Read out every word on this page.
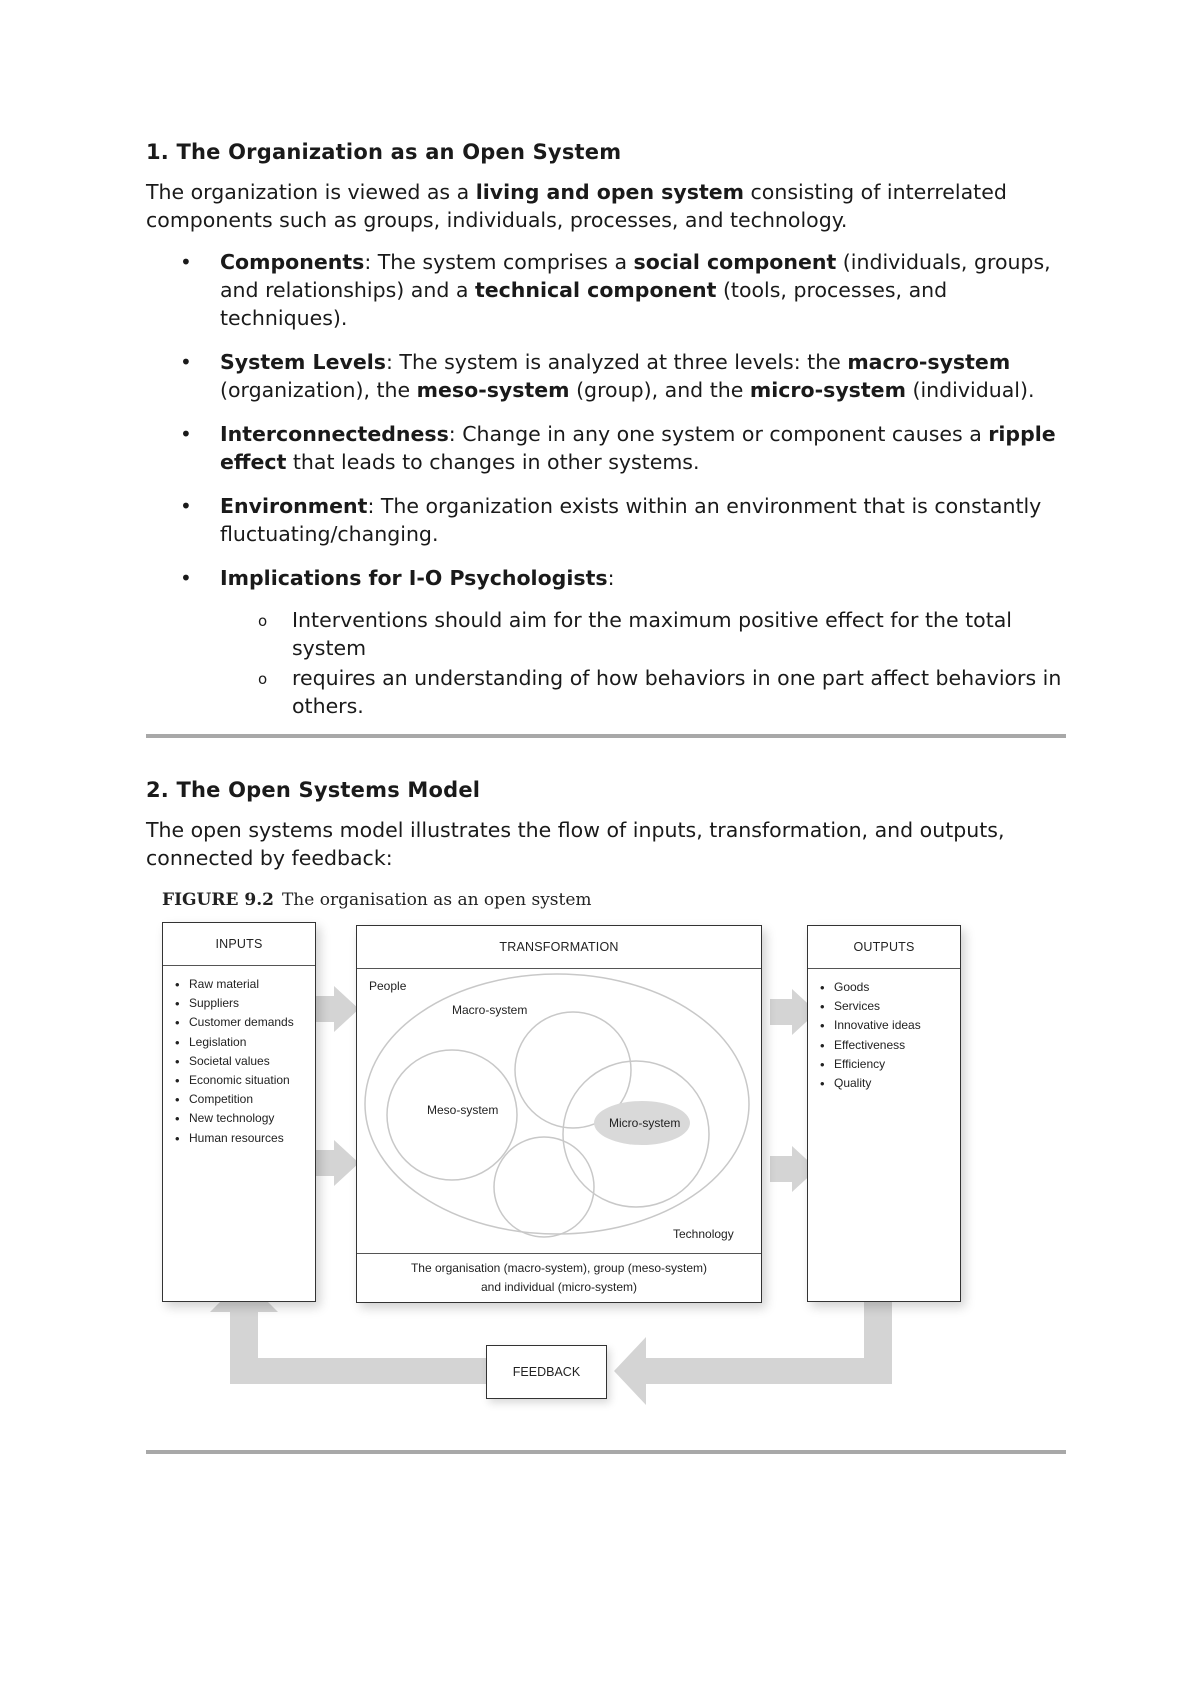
1. The Organization as an Open System

The organization is viewed as a living and open system consisting of interrelated components such as groups, individuals, processes, and technology.

• Components: The system comprises a social component (individuals, groups, and relationships) and a technical component (tools, processes, and techniques).
• System Levels: The system is analyzed at three levels: the macro-system (organization), the meso-system (group), and the micro-system (individual).
• Interconnectedness: Change in any one system or component causes a ripple effect that leads to changes in other systems.
• Environment: The organization exists within an environment that is constantly fluctuating/changing.
• Implications for I-O Psychologists:
o Interventions should aim for the maximum positive effect for the total system
o requires an understanding of how behaviors in one part affect behaviors in others.
2. The Open Systems Model

The open systems model illustrates the flow of inputs, transformation, and outputs, connected by feedback:

FIGURE 9.2 The organisation as an open system
INPUTS
• Raw material
• Suppliers
• Customer demands
• Legislation
• Societal values
• Economic situation
• Competition
• New technology
• Human resources
TRANSFORMATION
People
Macro-system
Meso-system
Micro-system
Technology
The organisation (macro-system), group (meso-system)
and individual (micro-system)
OUTPUTS
• Goods
• Services
• Innovative ideas
• Effectiveness
• Efficiency
• Quality
FEEDBACK
